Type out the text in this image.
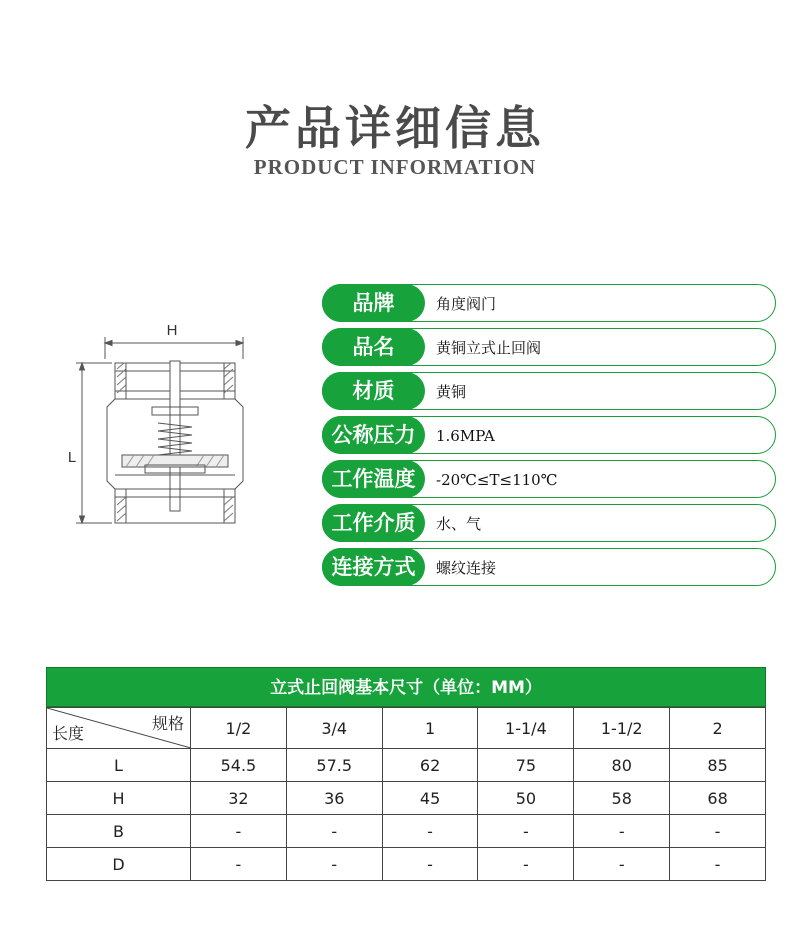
产品详细信息
PRODUCT INFORMATION
H
L
品牌	角度阀门
品名	黄铜立式止回阀
材质	黄铜
公称压力	1.6MPA
工作温度	-20℃≤T≤110℃
工作介质	水、气
连接方式	螺纹连接
立式止回阀基本尺寸（单位：MM）
规格
长度	1/2	3/4	1	1-1/4	1-1/2	2
L	54.5	57.5	62	75	80	85
H	32	36	45	50	58	68
B	-	-	-	-	-	-
D	-	-	-	-	-	-
